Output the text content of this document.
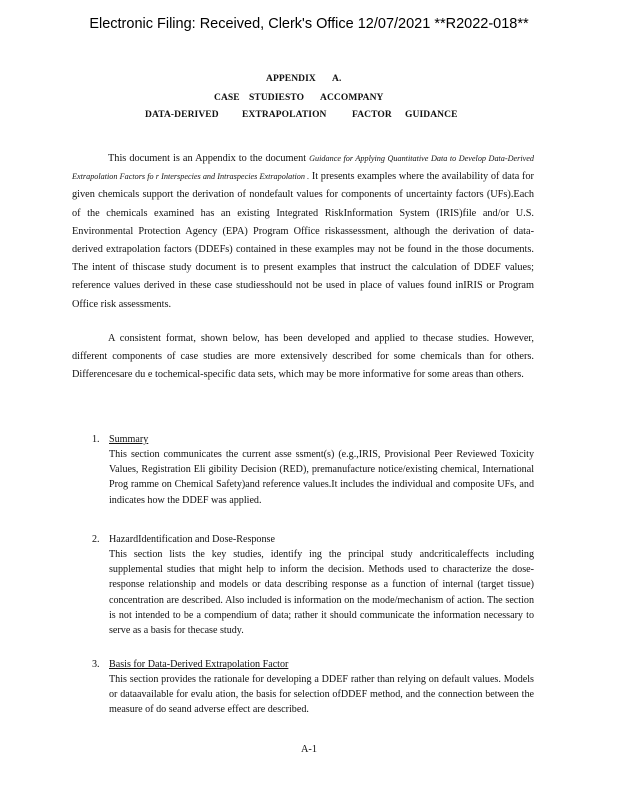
Electronic Filing: Received, Clerk's Office 12/07/2021 **R2022-018**
APPENDIX A.
CASE STUDIESTO ACCOMPANY
DATA-DERIVED EXTRAPOLATION	FACTOR GUIDANCE
This document is an Appendix to the document Guidance for Applying Quantitative Data to Develop Data-Derived Extrapolation Factors fo r Interspecies and Intraspecies Extrapolation . It presents examples where the availability of data for given chemicals support the derivation of nondefault values for components of uncertainty factors (UFs).Each of the chemicals examined has an existing Integrated RiskInformation System (IRIS)file and/or U.S. Environmental Protection Agency (EPA) Program Office riskassessment, although the derivation of data-derived extrapolation factors (DDEFs) contained in these examples may not be found in the those documents. The intent of thiscase study document is to present examples that instruct the calculation of DDEF values; reference values derived in these case studiesshould not be used in place of values found inIRIS or Program Office risk assessments.
A consistent format, shown below, has been developed and applied to thecase studies. However, different components of case studies are more extensively described for some chemicals than for others. Differencesare du e tochemical-specific data sets, which may be more informative for some areas than others.
1. Summary
This section communicates the current asse ssment(s) (e.g.,IRIS, Provisional Peer Reviewed Toxicity Values, Registration Eli gibility Decision (RED), premanufacture notice/existing chemical, International Prog ramme on Chemical Safety)and reference values.It includes the individual and composite UFs, and indicates how the DDEF was applied.
2. HazardIdentification and Dose-Response
This section lists the key studies, identify ing the principal study andcriticaleffects including supplemental studies that might help to inform the decision. Methods used to characterize the dose-response relationship and models or data describing response as a function of internal (target tissue) concentration are described. Also included is information on the mode/mechanism of action. The section is not intended to be a compendium of data; rather it should communicate the information necessary to serve as a basis for thecase study.
3. Basis for Data-Derived Extrapolation Factor
This section provides the rationale for developing a DDEF rather than relying on default values. Models or dataavailable for evalu ation, the basis for selection ofDDEF method, and the connection between the measure of do seand adverse effect are described.
A-1
